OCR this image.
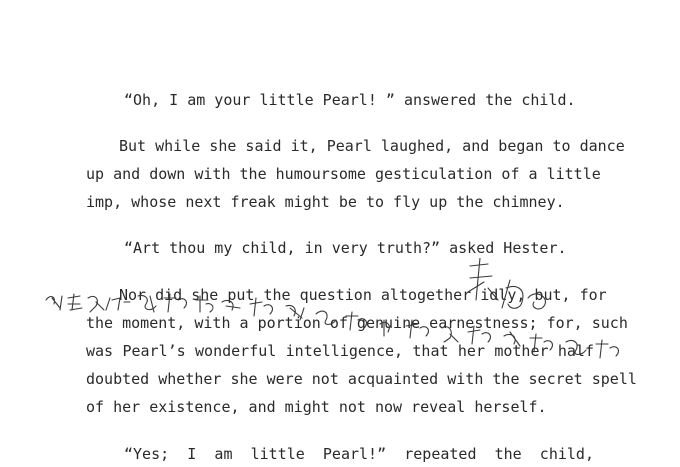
“Oh, I am your little Pearl! ” answered the child.
But while she said it, Pearl laughed, and began to dance
up and down with the humoursome gesticulation of a little
imp, whose next freak might be to fly up the chimney.
“Art thou my child, in very truth?” asked Hester.
Nor did she put the question altogether idly, but, for
the moment, with a portion of genuine earnestness; for, such
was Pearl’s wonderful intelligence, that her mother half
doubted whether she were not acquainted with the secret spell
of her existence, and might not now reveal herself.
“Yes; I am little Pearl!” repeated the child,
